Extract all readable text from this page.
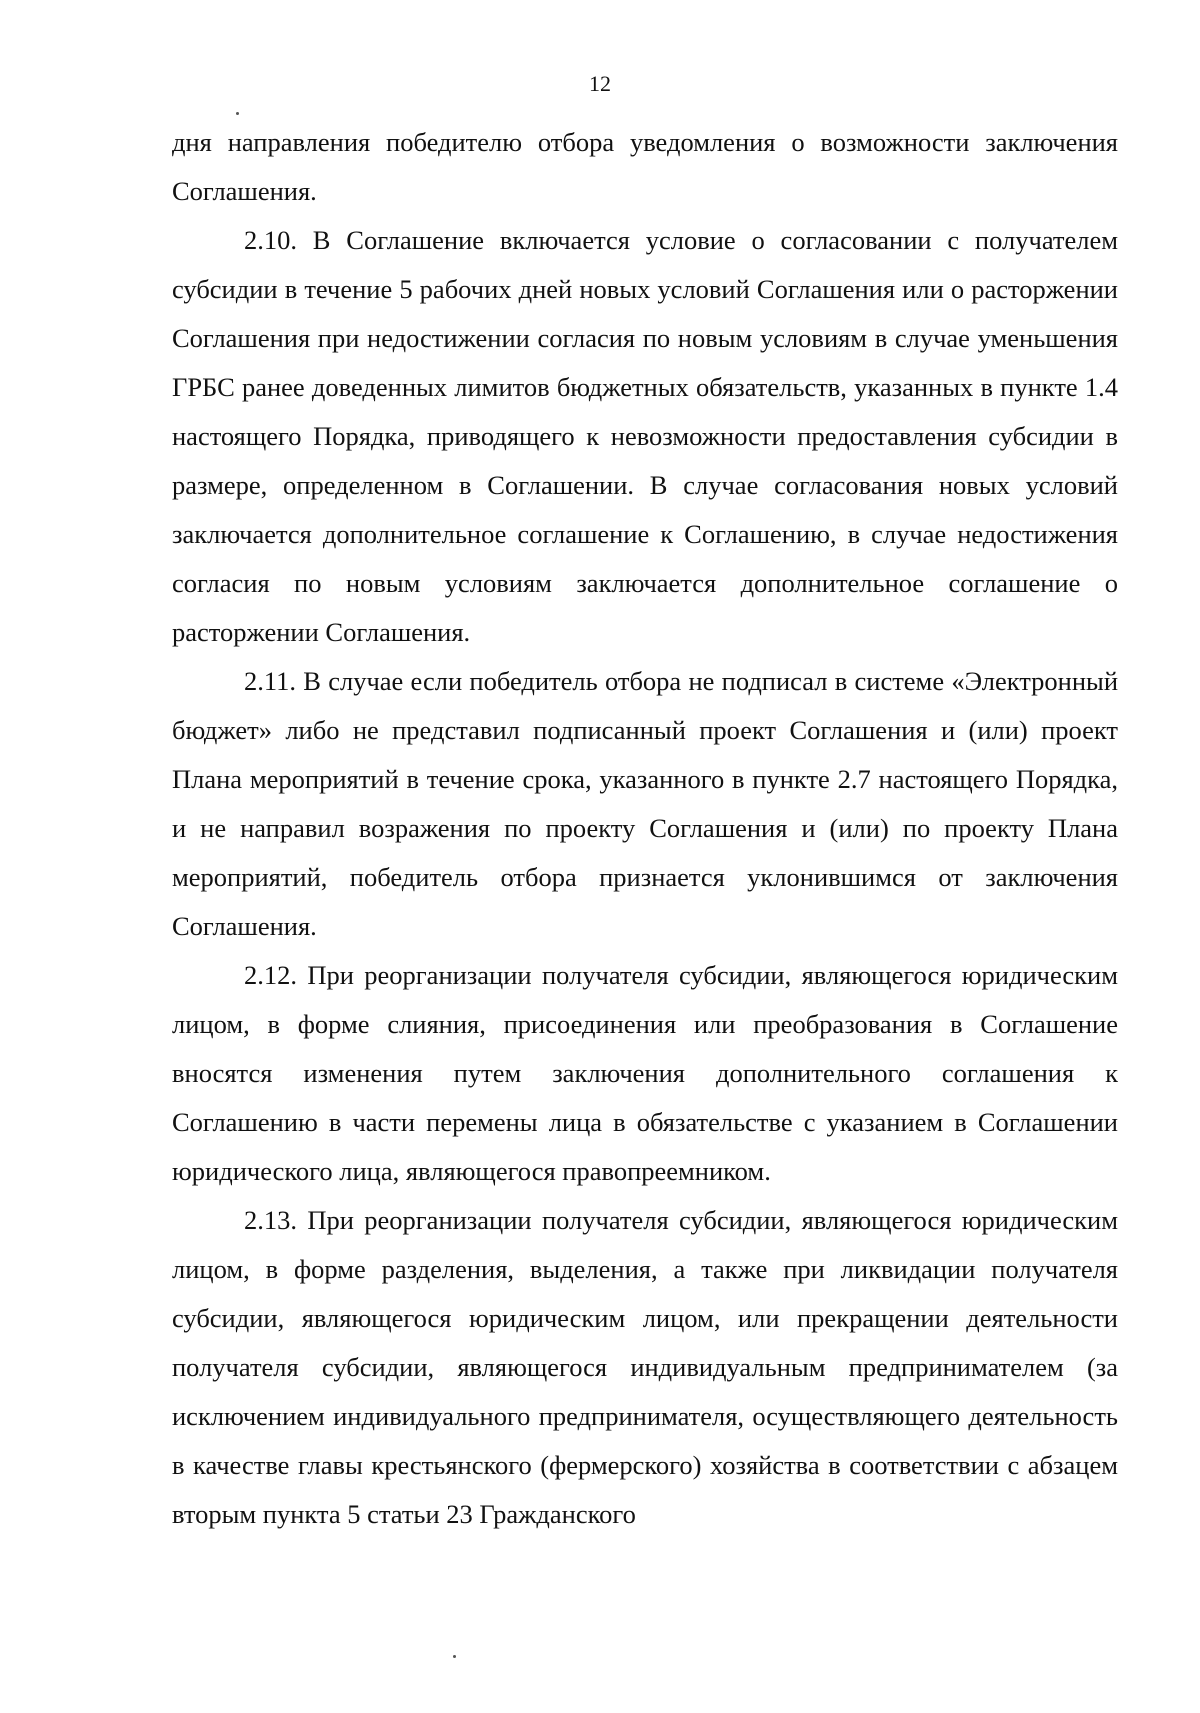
12

дня направления победителю отбора уведомления о возможности заключения Соглашения.

2.10. В Соглашение включается условие о согласовании с получателем субсидии в течение 5 рабочих дней новых условий Соглашения или о расторжении Соглашения при недостижении согласия по новым условиям в случае уменьшения ГРБС ранее доведенных лимитов бюджетных обязательств, указанных в пункте 1.4 настоящего Порядка, приводящего к невозможности предоставления субсидии в размере, определенном в Соглашении. В случае согласования новых условий заключается дополнительное соглашение к Соглашению, в случае недостижения согласия по новым условиям заключается дополнительное соглашение о расторжении Соглашения.

2.11. В случае если победитель отбора не подписал в системе «Электронный бюджет» либо не представил подписанный проект Соглашения и (или) проект Плана мероприятий в течение срока, указанного в пункте 2.7 настоящего Порядка, и не направил возражения по проекту Соглашения и (или) по проекту Плана мероприятий, победитель отбора признается уклонившимся от заключения Соглашения.

2.12. При реорганизации получателя субсидии, являющегося юридическим лицом, в форме слияния, присоединения или преобразования в Соглашение вносятся изменения путем заключения дополнительного соглашения к Соглашению в части перемены лица в обязательстве с указанием в Соглашении юридического лица, являющегося правопреемником.

2.13. При реорганизации получателя субсидии, являющегося юридическим лицом, в форме разделения, выделения, а также при ликвидации получателя субсидии, являющегося юридическим лицом, или прекращении деятельности получателя субсидии, являющегося индивидуальным предпринимателем (за исключением индивидуального предпринимателя, осуществляющего деятельность в качестве главы крестьянского (фермерского) хозяйства в соответствии с абзацем вторым пункта 5 статьи 23 Гражданского
